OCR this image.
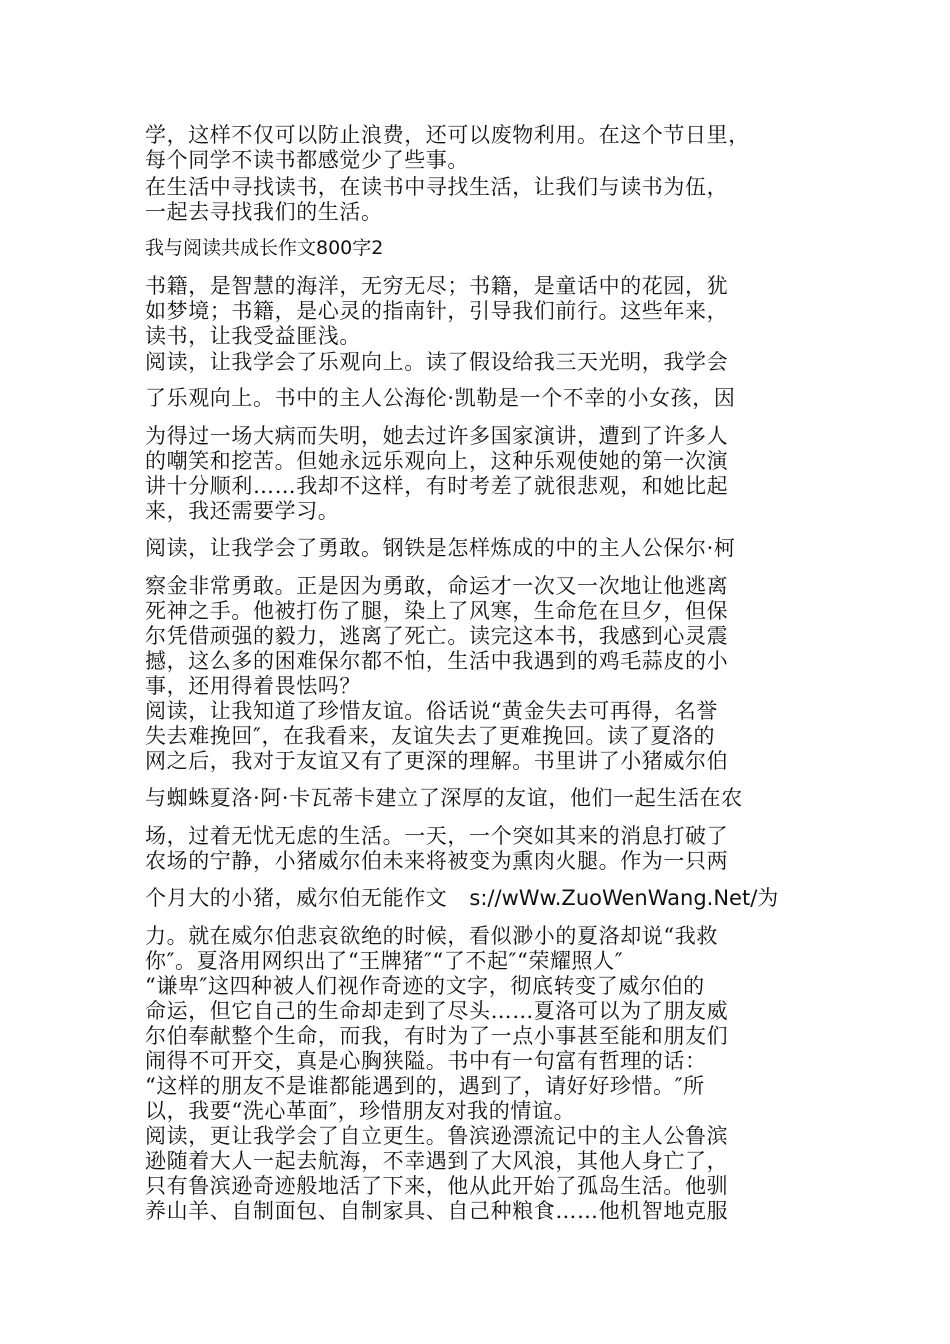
学，这样不仅可以防止浪费，还可以废物利用。在这个节日里，

每个同学不读书都感觉少了些事。

在生活中寻找读书，在读书中寻找生活，让我们与读书为伍，

一起去寻找我们的生活。

我与阅读共成长作文800字2

书籍，是智慧的海洋，无穷无尽；书籍，是童话中的花园，犹

如梦境；书籍，是心灵的指南针，引导我们前行。这些年来，

读书，让我受益匪浅。

阅读，让我学会了乐观向上。读了假设给我三天光明，我学会

了乐观向上。书中的主人公海伦·凯勒是一个不幸的小女孩，因

为得过一场大病而失明，她去过许多国家演讲，遭到了许多人

的嘲笑和挖苦。但她永远乐观向上，这种乐观使她的第一次演

讲十分顺利……我却不这样，有时考差了就很悲观，和她比起

来，我还需要学习。

阅读，让我学会了勇敢。钢铁是怎样炼成的中的主人公保尔·柯

察金非常勇敢。正是因为勇敢，命运才一次又一次地让他逃离

死神之手。他被打伤了腿，染上了风寒，生命危在旦夕，但保

尔凭借顽强的毅力，逃离了死亡。读完这本书，我感到心灵震

撼，这么多的困难保尔都不怕，生活中我遇到的鸡毛蒜皮的小

事，还用得着畏怯吗？

阅读，让我知道了珍惜友谊。俗话说“黄金失去可再得，名誉

失去难挽回″，在我看来，友谊失去了更难挽回。读了夏洛的

网之后，我对于友谊又有了更深的理解。书里讲了小猪威尔伯

与蜘蛛夏洛·阿·卡瓦蒂卡建立了深厚的友谊，他们一起生活在农

场，过着无忧无虑的生活。一天，一个突如其来的消息打破了

农场的宁静，小猪威尔伯未来将被变为熏肉火腿。作为一只两

个月大的小猪，威尔伯无能作文 s://wWw.ZuoWenWang.Net/为

力。就在威尔伯悲哀欲绝的时候，看似渺小的夏洛却说“我救

你″。夏洛用网织出了“王牌猪″“了不起″“荣耀照人″

“谦卑″这四种被人们视作奇迹的文字，彻底转变了威尔伯的

命运，但它自己的生命却走到了尽头……夏洛可以为了朋友威

尔伯奉献整个生命，而我，有时为了一点小事甚至能和朋友们

闹得不可开交，真是心胸狭隘。书中有一句富有哲理的话：

“这样的朋友不是谁都能遇到的，遇到了，请好好珍惜。″所

以，我要“洗心革面″，珍惜朋友对我的情谊。

阅读，更让我学会了自立更生。鲁滨逊漂流记中的主人公鲁滨

逊随着大人一起去航海，不幸遇到了大风浪，其他人身亡了，

只有鲁滨逊奇迹般地活了下来，他从此开始了孤岛生活。他驯

养山羊、自制面包、自制家具、自己种粮食……他机智地克服
